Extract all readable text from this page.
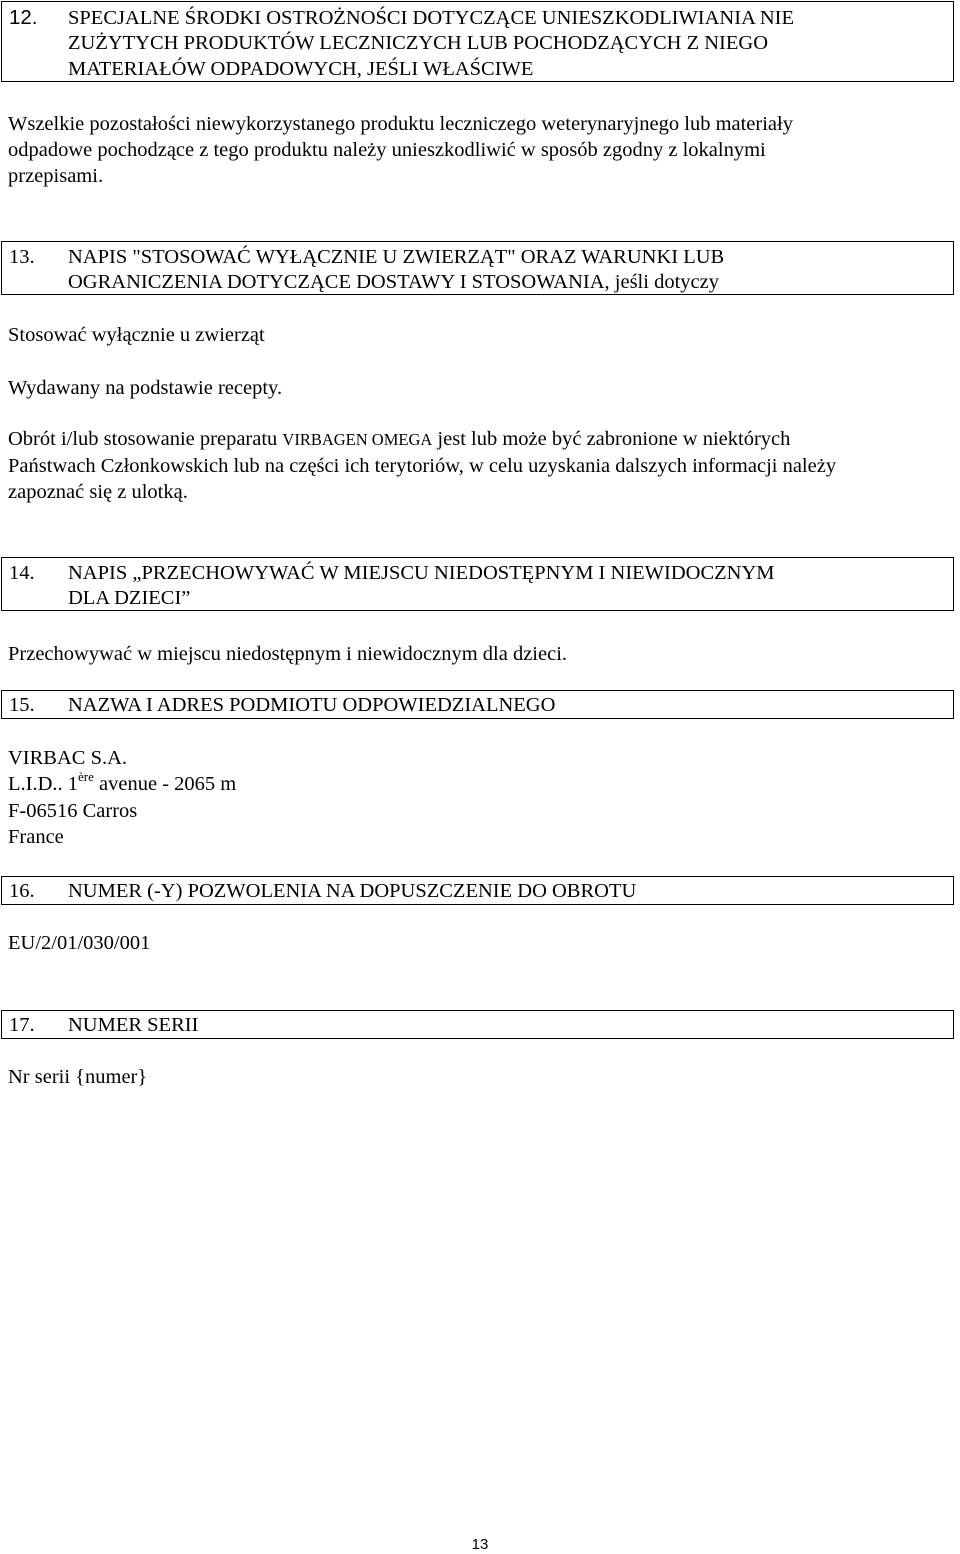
12. SPECJALNE ŚRODKI OSTROŻNOŚCI DOTYCZĄCE UNIESZKODLIWIANIA NIE
ZUŻYTYCH PRODUKTÓW LECZNICZYCH LUB POCHODZĄCYCH Z NIEGO
MATERIAŁÓW ODPADOWYCH, JEŚLI WŁAŚCIWE
Wszelkie pozostałości niewykorzystanego produktu leczniczego weterynaryjnego lub materiały
odpadowe pochodzące z tego produktu należy unieszkodliwić w sposób zgodny z lokalnymi
przepisami.
13. NAPIS "STOSOWAĆ WYŁĄCZNIE U ZWIERZĄT" ORAZ WARUNKI LUB
OGRANICZENIA DOTYCZĄCE DOSTAWY I STOSOWANIA, jeśli dotyczy
Stosować wyłącznie u zwierząt
Wydawany na podstawie recepty.
Obrót i/lub stosowanie preparatu VIRBAGEN OMEGA jest lub może być zabronione w niektórych
Państwach Członkowskich lub na części ich terytoriów, w celu uzyskania dalszych informacji należy
zapoznać się z ulotką.
14. NAPIS „PRZECHOWYWAĆ W MIEJSCU NIEDOSTĘPNYM I NIEWIDOCZNYM
DLA DZIECI”
Przechowywać w miejscu niedostępnym i niewidocznym dla dzieci.
15. NAZWA I ADRES PODMIOTU ODPOWIEDZIALNEGO
VIRBAC S.A.
L.I.D.. 1ère avenue - 2065 m
F-06516 Carros
France
16. NUMER (-Y) POZWOLENIA NA DOPUSZCZENIE DO OBROTU
EU/2/01/030/001
17. NUMER SERII
Nr serii {numer}
13
